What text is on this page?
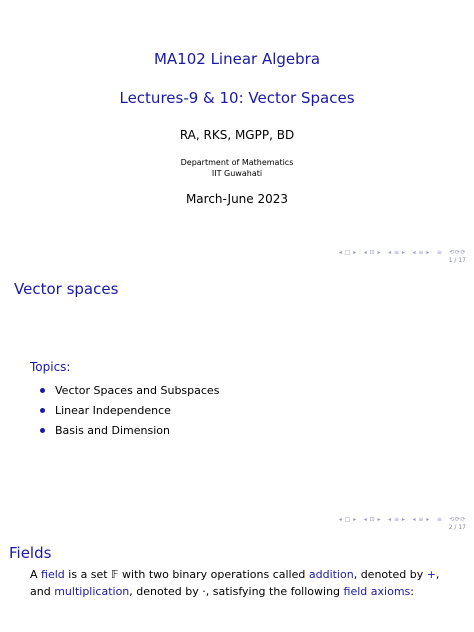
MA102 Linear Algebra
Lectures-9 & 10: Vector Spaces
RA, RKS, MGPP, BD
Department of Mathematics
IIT Guwahati
March-June 2023
◂ □ ▸ ◂ ⊡ ▸ ◂ ≡ ▸ ◂ ≡ ▸ ≡ ⟲⟳⟳
1 / 17
Vector spaces
Topics:
Vector Spaces and Subspaces
Linear Independence
Basis and Dimension
◂ □ ▸ ◂ ⊡ ▸ ◂ ≡ ▸ ◂ ≡ ▸ ≡ ⟲⟳⟳
2 / 17
Fields
A field is a set 𝔽 with two binary operations called addition, denoted by +, and multiplication, denoted by ·, satisfying the following field axioms:
